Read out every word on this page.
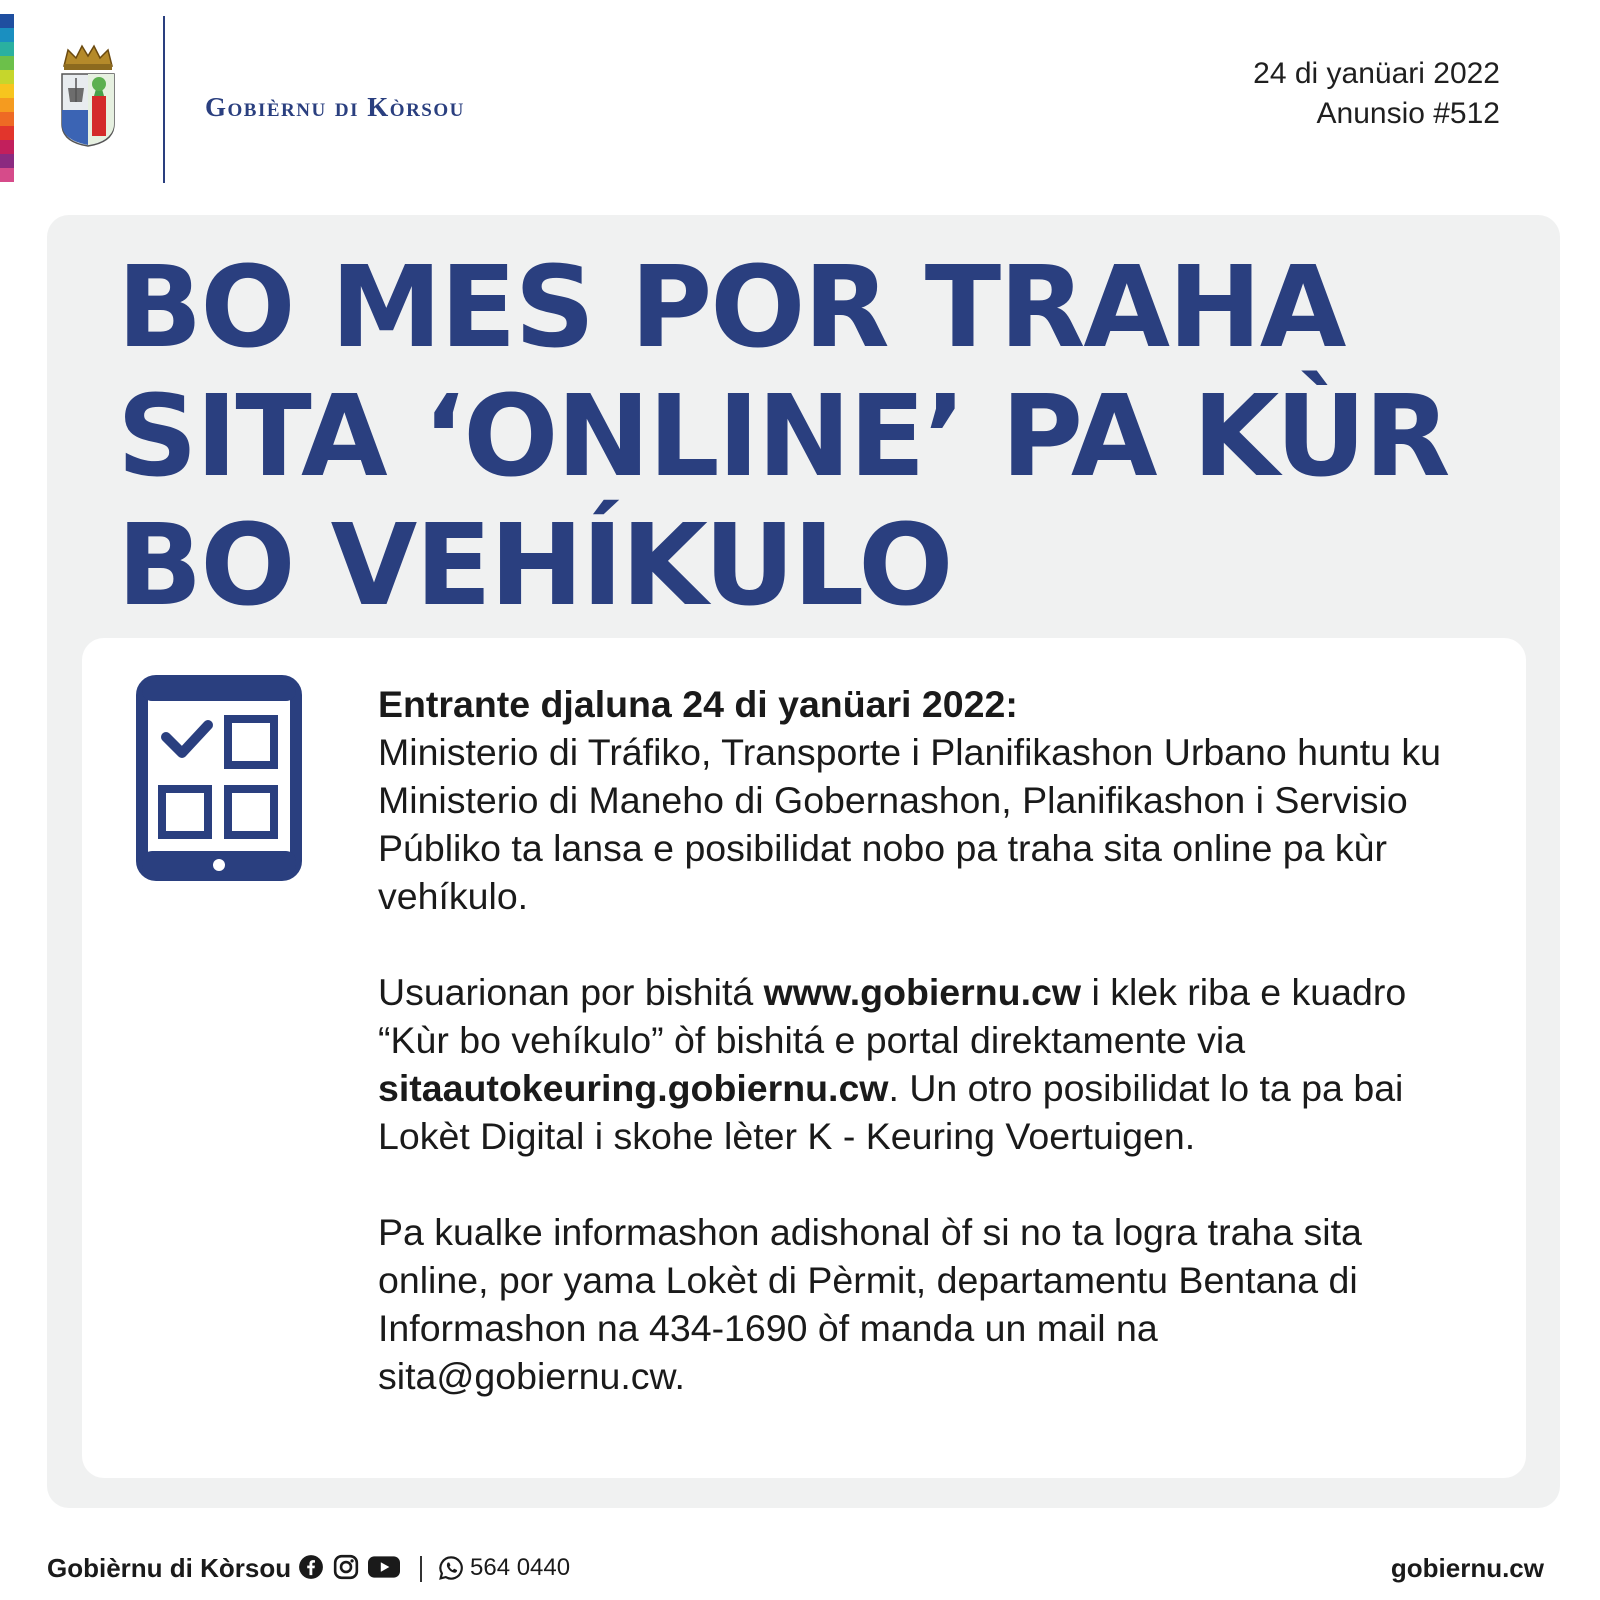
Gobièrnu di Kòrsou
24 di yanüari 2022
Anunsio #512
BO MES POR TRAHA
SITA ‘ONLINE’ PA KÙR
BO VEHÍKULO

Entrante djaluna 24 di yanüari 2022:
Ministerio di Tráfiko, Transporte i Planifikashon Urbano huntu ku Ministerio di Maneho di Gobernashon, Planifikashon i Servisio Públiko ta lansa e posibilidat nobo pa traha sita online pa kùr vehíkulo.

Usuarionan por bishitá www.gobiernu.cw i klek riba e kuadro “Kùr bo vehíkulo” òf bishitá e portal direktamente via sitaautokeuring.gobiernu.cw. Un otro posibilidat lo ta pa bai Lokèt Digital i skohe lèter K - Keuring Voertuigen.

Pa kualke informashon adishonal òf si no ta logra traha sita online, por yama Lokèt di Pèrmit, departamentu Bentana di Informashon na 434-1690 òf manda un mail na sita@gobiernu.cw.

Gobièrnu di Kòrsou	564 0440	gobiernu.cw
